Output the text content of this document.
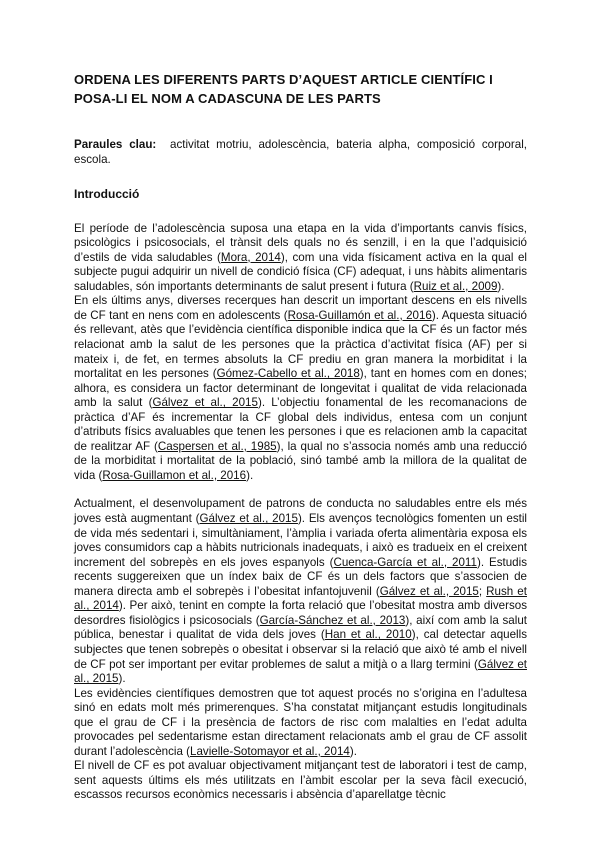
ORDENA LES DIFERENTS PARTS D’AQUEST ARTICLE CIENTÍFIC I POSA-LI EL NOM A CADASCUNA DE LES PARTS

Paraules clau: activitat motriu, adolescència, bateria alpha, composició corporal, escola.

Introducció

El període de l’adolescència suposa una etapa en la vida d’importants canvis físics, psicològics i psicosocials, el trànsit dels quals no és senzill, i en la que l’adquisició d’estils de vida saludables (Mora, 2014), com una vida físicament activa en la qual el subjecte pugui adquirir un nivell de condició física (CF) adequat, i uns hàbits alimentaris saludables, són importants determinants de salut present i futura (Ruiz et al., 2009).

En els últims anys, diverses recerques han descrit un important descens en els nivells de CF tant en nens com en adolescents (Rosa-Guillamón et al., 2016). Aquesta situació és rellevant, atès que l’evidència científica disponible indica que la CF és un factor més relacionat amb la salut de les persones que la pràctica d’activitat física (AF) per si mateix i, de fet, en termes absoluts la CF prediu en gran manera la morbiditat i la mortalitat en les persones (Gómez-Cabello et al., 2018), tant en homes com en dones; alhora, es considera un factor determinant de longevitat i qualitat de vida relacionada amb la salut (Gálvez et al., 2015). L’objectiu fonamental de les recomanacions de pràctica d’AF és incrementar la CF global dels individus, entesa com un conjunt d’atributs físics avaluables que tenen les persones i que es relacionen amb la capacitat de realitzar AF (Caspersen et al., 1985), la qual no s’associa només amb una reducció de la morbiditat i mortalitat de la població, sinó també amb la millora de la qualitat de vida (Rosa-Guillamon et al., 2016).

Actualment, el desenvolupament de patrons de conducta no saludables entre els més joves està augmentant (Gálvez et al., 2015). Els avenços tecnològics fomenten un estil de vida més sedentari i, simultàniament, l’àmplia i variada oferta alimentària exposa els joves consumidors cap a hàbits nutricionals inadequats, i això es tradueix en el creixent increment del sobrepès en els joves espanyols (Cuenca-García et al., 2011). Estudis recents suggereixen que un índex baix de CF és un dels factors que s’associen de manera directa amb el sobrepès i l’obesitat infantojuvenil (Gálvez et al., 2015; Rush et al., 2014). Per això, tenint en compte la forta relació que l’obesitat mostra amb diversos desordres fisiològics i psicosocials (García-Sánchez et al., 2013), així com amb la salut pública, benestar i qualitat de vida dels joves (Han et al., 2010), cal detectar aquells subjectes que tenen sobrepès o obesitat i observar si la relació que això té amb el nivell de CF pot ser important per evitar problemes de salut a mitjà o a llarg termini (Gálvez et al., 2015).

Les evidències científiques demostren que tot aquest procés no s’origina en l’adultesa sinó en edats molt més primerenques. S’ha constatat mitjançant estudis longitudinals que el grau de CF i la presència de factors de risc com malalties en l’edat adulta provocades pel sedentarisme estan directament relacionats amb el grau de CF assolit durant l’adolescència (Lavielle-Sotomayor et al., 2014).

El nivell de CF es pot avaluar objectivament mitjançant test de laboratori i test de camp, sent aquests últims els més utilitzats en l’àmbit escolar per la seva fàcil execució, escassos recursos econòmics necessaris i absència d’aparellatge tècnic
